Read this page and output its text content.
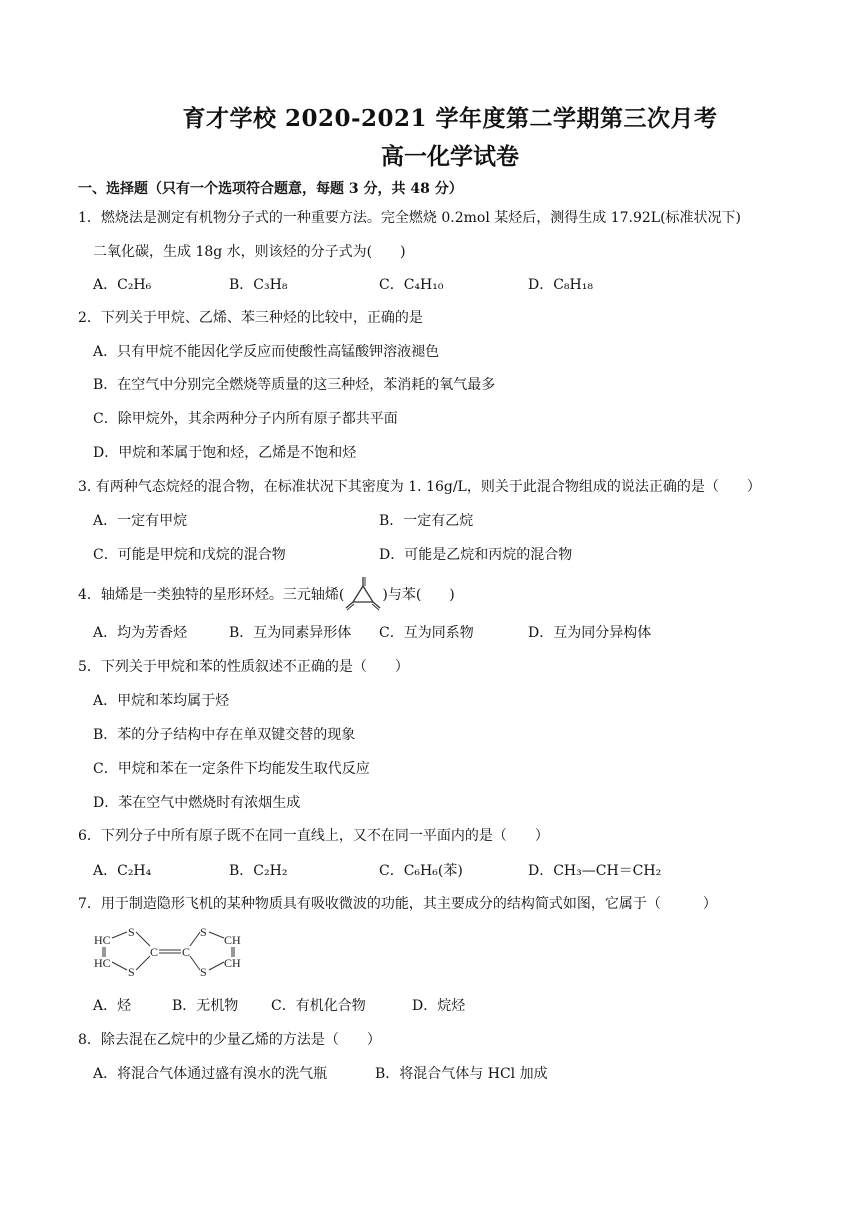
育才学校 2020-2021 学年度第二学期第三次月考
高一化学试卷
一、选择题（只有一个选项符合题意，每题 3 分，共 48 分）
1．燃烧法是测定有机物分子式的一种重要方法。完全燃烧 0.2mol 某烃后，测得生成 17.92L(标准状况下)
二氧化碳，生成 18g 水，则该烃的分子式为(　　)
A．C₂H₆	B．C₃H₈	C．C₄H₁₀	D．C₈H₁₈
2．下列关于甲烷、乙烯、苯三种烃的比较中，正确的是
A．只有甲烷不能因化学反应而使酸性高锰酸钾溶液褪色
B．在空气中分别完全燃烧等质量的这三种烃，苯消耗的氧气最多
C．除甲烷外，其余两种分子内所有原子都共平面
D．甲烷和苯属于饱和烃，乙烯是不饱和烃
3. 有两种气态烷烃的混合物，在标准状况下其密度为 1. 16g/L，则关于此混合物组成的说法正确的是（　　）
A．一定有甲烷	B．一定有乙烷
C．可能是甲烷和戊烷的混合物	D．可能是乙烷和丙烷的混合物
4．轴烯是一类独特的星形环烃。三元轴烯(	)与苯(　　)
A．均为芳香烃	B．互为同素异形体 C．互为同系物	D．互为同分异构体
5．下列关于甲烷和苯的性质叙述不正确的是（　　）
A．甲烷和苯均属于烃
B．苯的分子结构中存在单双键交替的现象
C．甲烷和苯在一定条件下均能发生取代反应
D．苯在空气中燃烧时有浓烟生成
6．下列分子中所有原子既不在同一直线上，又不在同一平面内的是（　　）
A．C₂H₄	B．C₂H₂	C．C₆H₆(苯)	D．CH₃—CH＝CH₂
7．用于制造隐形飞机的某种物质具有吸收微波的功能，其主要成分的结构简式如图，它属于（　　　）
HC
HC
S
S
C C
S
S
CH
CH
A．烃	B．无机物 C．有机化合物	D．烷烃
8．除去混在乙烷中的少量乙烯的方法是（　　）
A．将混合气体通过盛有溴水的洗气瓶	B．将混合气体与 HCl 加成
